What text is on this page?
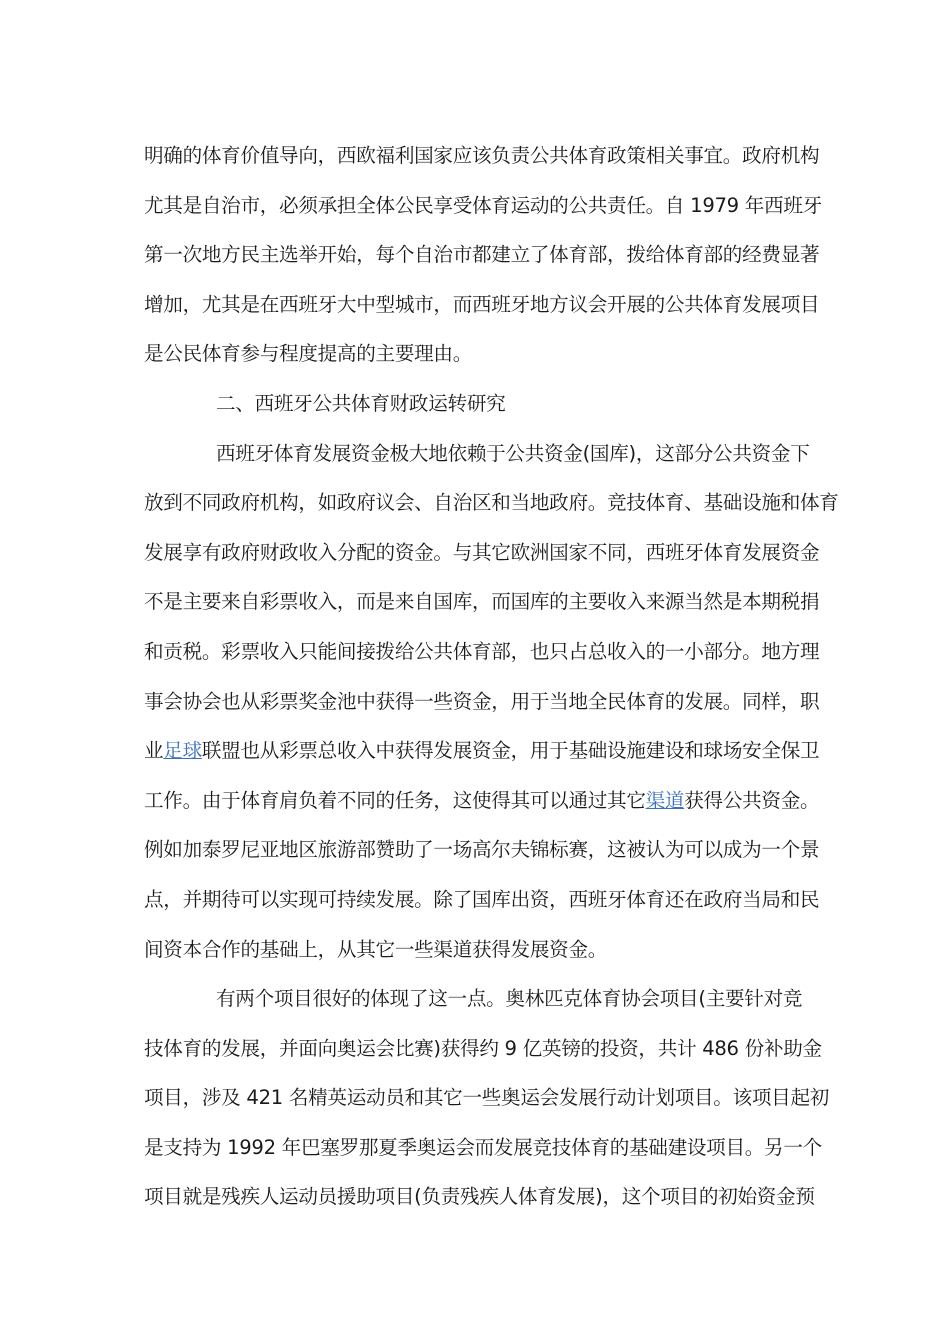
明确的体育价值导向，西欧福利国家应该负责公共体育政策相关事宜。政府机构
尤其是自治市，必须承担全体公民享受体育运动的公共责任。自 1979 年西班牙
第一次地方民主选举开始，每个自治市都建立了体育部，拨给体育部的经费显著
增加，尤其是在西班牙大中型城市，而西班牙地方议会开展的公共体育发展项目
是公民体育参与程度提高的主要理由。
二、西班牙公共体育财政运转研究
西班牙体育发展资金极大地依赖于公共资金(国库)，这部分公共资金下
放到不同政府机构，如政府议会、自治区和当地政府。竞技体育、基础设施和体育
发展享有政府财政收入分配的资金。与其它欧洲国家不同，西班牙体育发展资金
不是主要来自彩票收入，而是来自国库，而国库的主要收入来源当然是本期税捐
和贡税。彩票收入只能间接拨给公共体育部，也只占总收入的一小部分。地方理
事会协会也从彩票奖金池中获得一些资金，用于当地全民体育的发展。同样，职
业足球联盟也从彩票总收入中获得发展资金，用于基础设施建设和球场安全保卫
工作。由于体育肩负着不同的任务，这使得其可以通过其它渠道获得公共资金。
例如加泰罗尼亚地区旅游部赞助了一场高尔夫锦标赛，这被认为可以成为一个景
点，并期待可以实现可持续发展。除了国库出资，西班牙体育还在政府当局和民
间资本合作的基础上，从其它一些渠道获得发展资金。
有两个项目很好的体现了这一点。奥林匹克体育协会项目(主要针对竞
技体育的发展，并面向奥运会比赛)获得约 9 亿英镑的投资，共计 486 份补助金
项目，涉及 421 名精英运动员和其它一些奥运会发展行动计划项目。该项目起初
是支持为 1992 年巴塞罗那夏季奥运会而发展竞技体育的基础建设项目。另一个
项目就是残疾人运动员援助项目(负责残疾人体育发展)，这个项目的初始资金预
